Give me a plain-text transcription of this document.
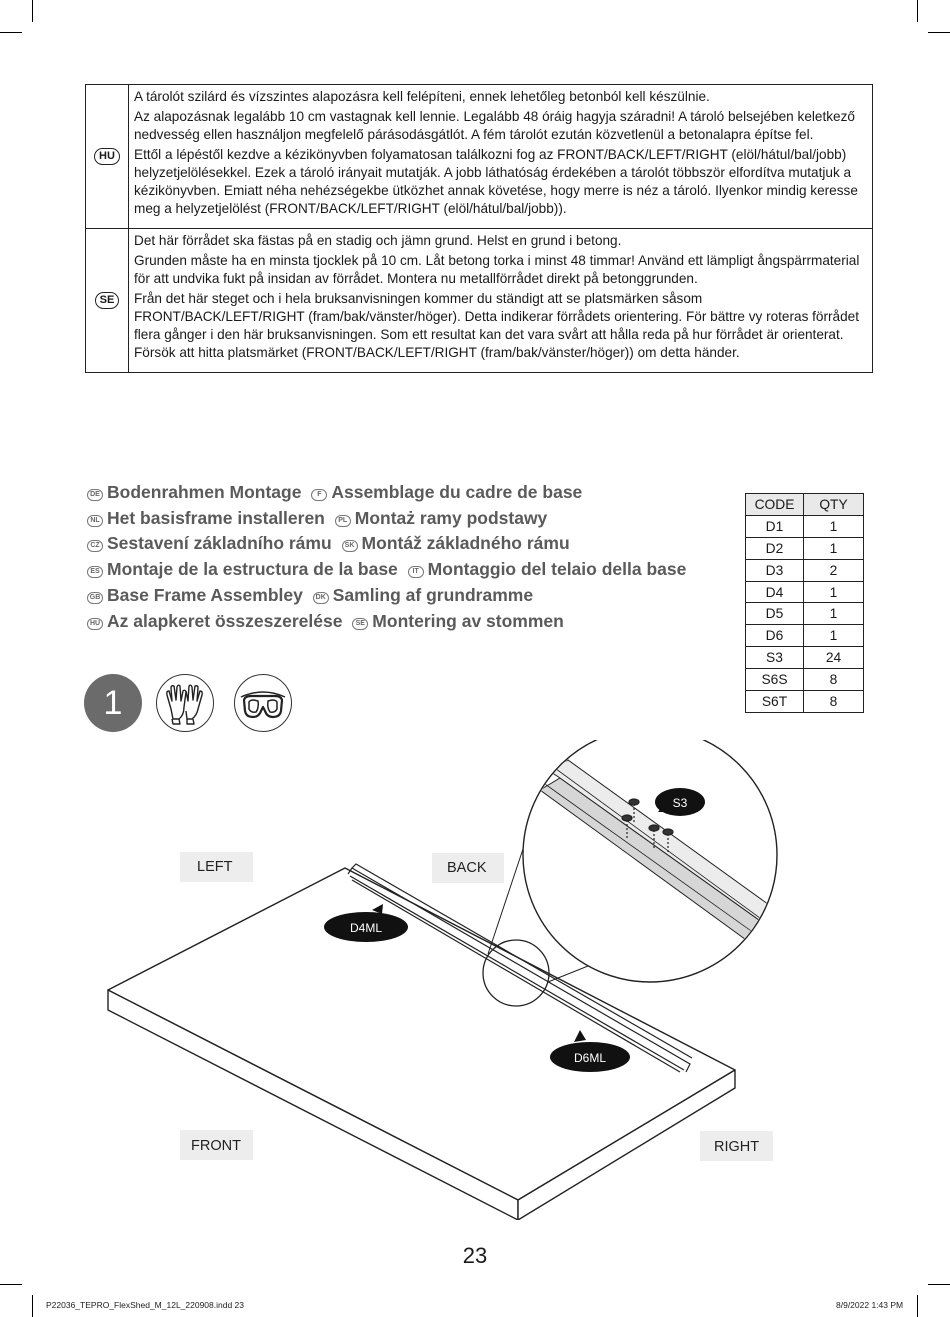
HU

A tárolót szilárd és vízszintes alapozásra kell felépíteni, ennek lehetőleg betonból kell készülnie.

Az alapozásnak legalább 10 cm vastagnak kell lennie. Legalább 48 óráig hagyja száradni! A tároló belsejében keletkező nedvesség ellen használjon megfelelő párásodásgátlót. A fém tárolót ezután közvetlenül a betonalapra építse fel.

Ettől a lépéstől kezdve a kézikönyvben folyamatosan találkozni fog az FRONT/BACK/LEFT/RIGHT (elöl/hátul/bal/jobb) helyzetjelölésekkel. Ezek a tároló irányait mutatják. A jobb láthatóság érdekében a tárolót többször elfordítva mutatjuk a kézikönyvben. Emiatt néha nehézségekbe ütközhet annak követése, hogy merre is néz a tároló. Ilyenkor mindig keresse meg a helyzetjelölést (FRONT/BACK/LEFT/RIGHT (elöl/hátul/bal/jobb)).

SE

Det här förrådet ska fästas på en stadig och jämn grund. Helst en grund i betong.

Grunden måste ha en minsta tjocklek på 10 cm. Låt betong torka i minst 48 timmar! Använd ett lämpligt ångspärrmaterial för att undvika fukt på insidan av förrådet. Montera nu metallförrådet direkt på betonggrunden.

Från det här steget och i hela bruksanvisningen kommer du ständigt att se platsmärken såsom FRONT/BACK/LEFT/RIGHT (fram/bak/vänster/höger). Detta indikerar förrådets orientering. För bättre vy roteras förrådet flera gånger i den här bruksanvisningen. Som ett resultat kan det vara svårt att hålla reda på hur förrådet är orienterat. Försök att hitta platsmärket (FRONT/BACK/LEFT/RIGHT (fram/bak/vänster/höger)) om detta händer.

DE Bodenrahmen Montage F Assemblage du cadre de base
NL Het basisframe installeren PL Montaż ramy podstawy
CZ Sestavení základního rámu SK Montáž základného rámu
ES Montaje de la estructura de la base IT Montaggio del telaio della base
GB Base Frame Assembley DK Samling af grundramme
HU Az alapkeret összeszerelése SE Montering av stommen
CODE	QTY
D1	1
D2	1
D3	2
D4	1
D5	1
D6	1
S3	24
S6S	8
S6T	8
1
LEFT	BACK
FRONT	RIGHT
D4ML
D6ML
S3
23
P22036_TEPRO_FlexShed_M_12L_220908.indd 23	8/9/2022 1:43 PM
